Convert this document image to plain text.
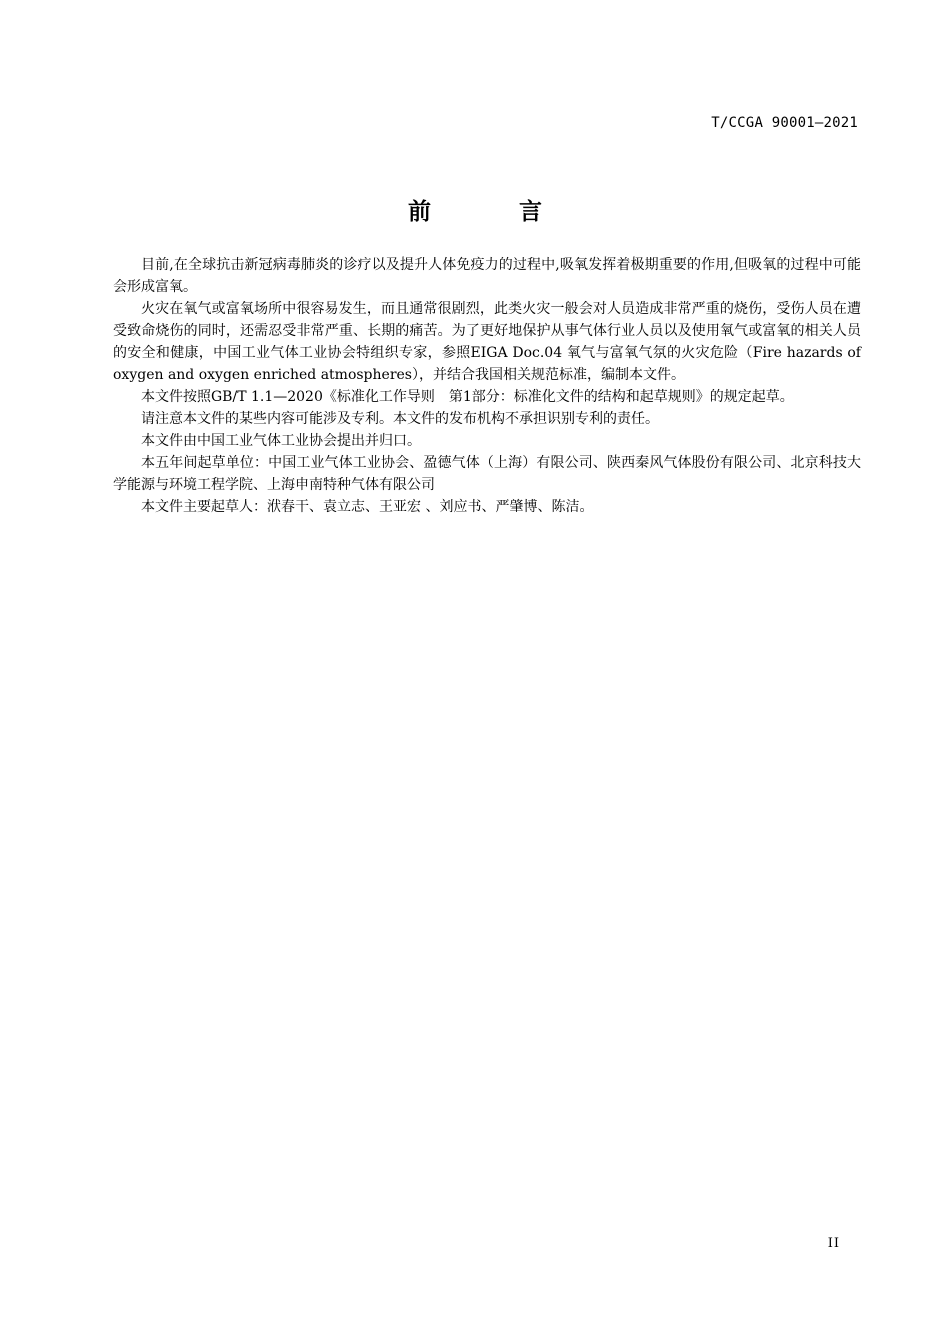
T/CCGA 90001—2021
前 言

目前,在全球抗击新冠病毒肺炎的诊疗以及提升人体免疫力的过程中,吸氧发挥着极期重要的作用,但吸氧的过程中可能会形成富氧。

火灾在氧气或富氧场所中很容易发生，而且通常很剧烈，此类火灾一般会对人员造成非常严重的烧伤，受伤人员在遭受致命烧伤的同时，还需忍受非常严重、长期的痛苦。为了更好地保护从事气体行业人员以及使用氧气或富氧的相关人员的安全和健康，中国工业气体工业协会特组织专家，参照EIGA Doc.04 氧气与富氧气氛的火灾危险（Fire hazards of oxygen and oxygen enriched atmospheres），并结合我国相关规范标准，编制本文件。

本文件按照GB/T 1.1—2020《标准化工作导则　第1部分：标准化文件的结构和起草规则》的规定起草。

请注意本文件的某些内容可能涉及专利。本文件的发布机构不承担识别专利的责任。

本文件由中国工业气体工业协会提出并归口。

本五年间起草单位：中国工业气体工业协会、盈德气体（上海）有限公司、陕西秦风气体股份有限公司、北京科技大学能源与环境工程学院、上海申南特种气体有限公司

本文件主要起草人：洑春干、袁立志、王亚宏 、刘应书、严肇博、陈洁。

II
